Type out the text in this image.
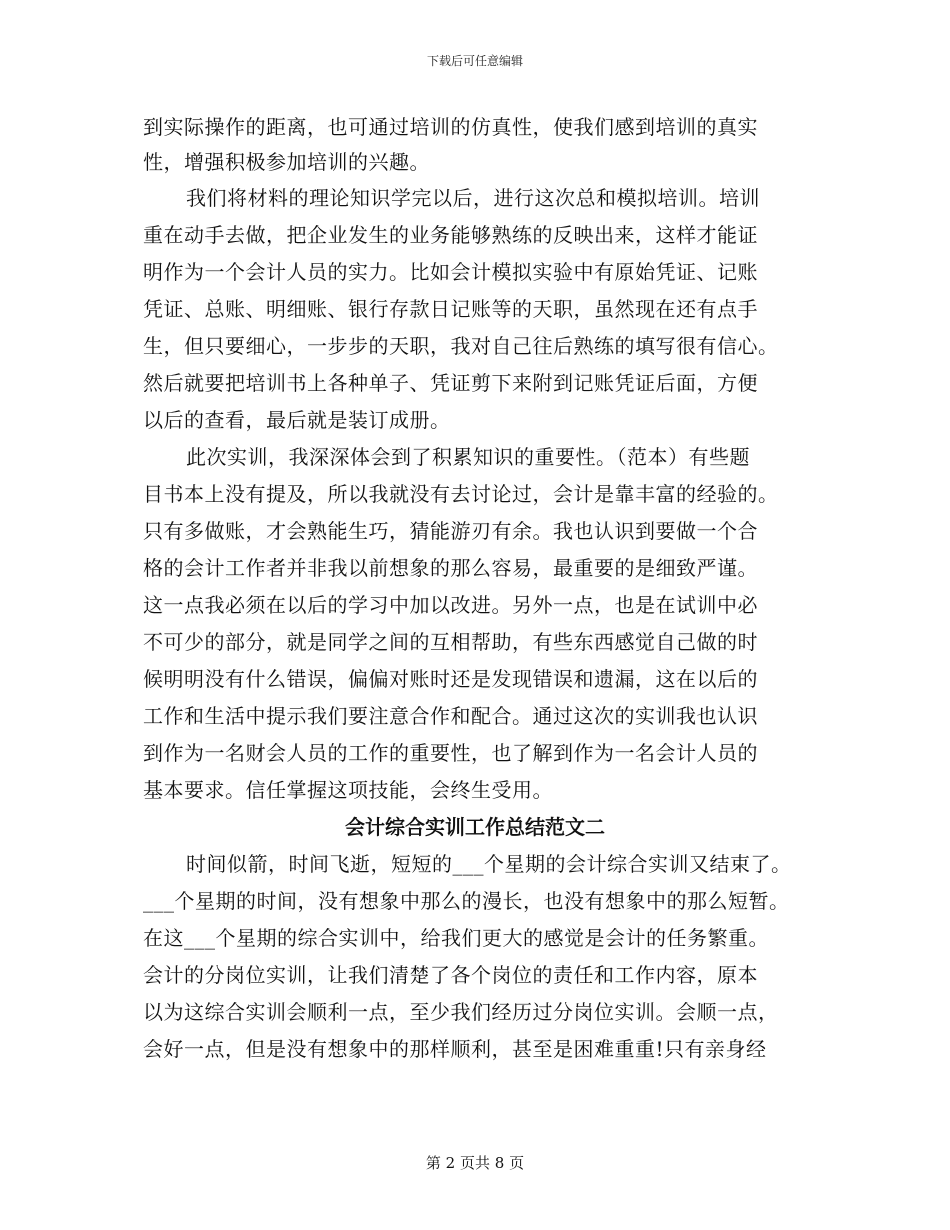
下载后可任意编辑
到实际操作的距离，也可通过培训的仿真性，使我们感到培训的真实
性，增强积极参加培训的兴趣。
我们将材料的理论知识学完以后，进行这次总和模拟培训。培训
重在动手去做，把企业发生的业务能够熟练的反映出来，这样才能证
明作为一个会计人员的实力。比如会计模拟实验中有原始凭证、记账
凭证、总账、明细账、银行存款日记账等的天职，虽然现在还有点手
生，但只要细心，一步步的天职，我对自己往后熟练的填写很有信心。
然后就要把培训书上各种单子、凭证剪下来附到记账凭证后面，方便
以后的查看，最后就是装订成册。
此次实训，我深深体会到了积累知识的重要性。（范本）有些题
目书本上没有提及，所以我就没有去讨论过，会计是靠丰富的经验的。
只有多做账，才会熟能生巧，猜能游刃有余。我也认识到要做一个合
格的会计工作者并非我以前想象的那么容易，最重要的是细致严谨。
这一点我必须在以后的学习中加以改进。另外一点，也是在试训中必
不可少的部分，就是同学之间的互相帮助，有些东西感觉自己做的时
候明明没有什么错误，偏偏对账时还是发现错误和遗漏，这在以后的
工作和生活中提示我们要注意合作和配合。通过这次的实训我也认识
到作为一名财会人员的工作的重要性，也了解到作为一名会计人员的
基本要求。信任掌握这项技能，会终生受用。
会计综合实训工作总结范文二
时间似箭，时间飞逝，短短的___个星期的会计综合实训又结束了。
___个星期的时间，没有想象中那么的漫长，也没有想象中的那么短暂。
在这___个星期的综合实训中，给我们更大的感觉是会计的任务繁重。
会计的分岗位实训，让我们清楚了各个岗位的责任和工作内容，原本
以为这综合实训会顺利一点，至少我们经历过分岗位实训。会顺一点，
会好一点，但是没有想象中的那样顺利，甚至是困难重重!只有亲身经
第 2 页共 8 页
